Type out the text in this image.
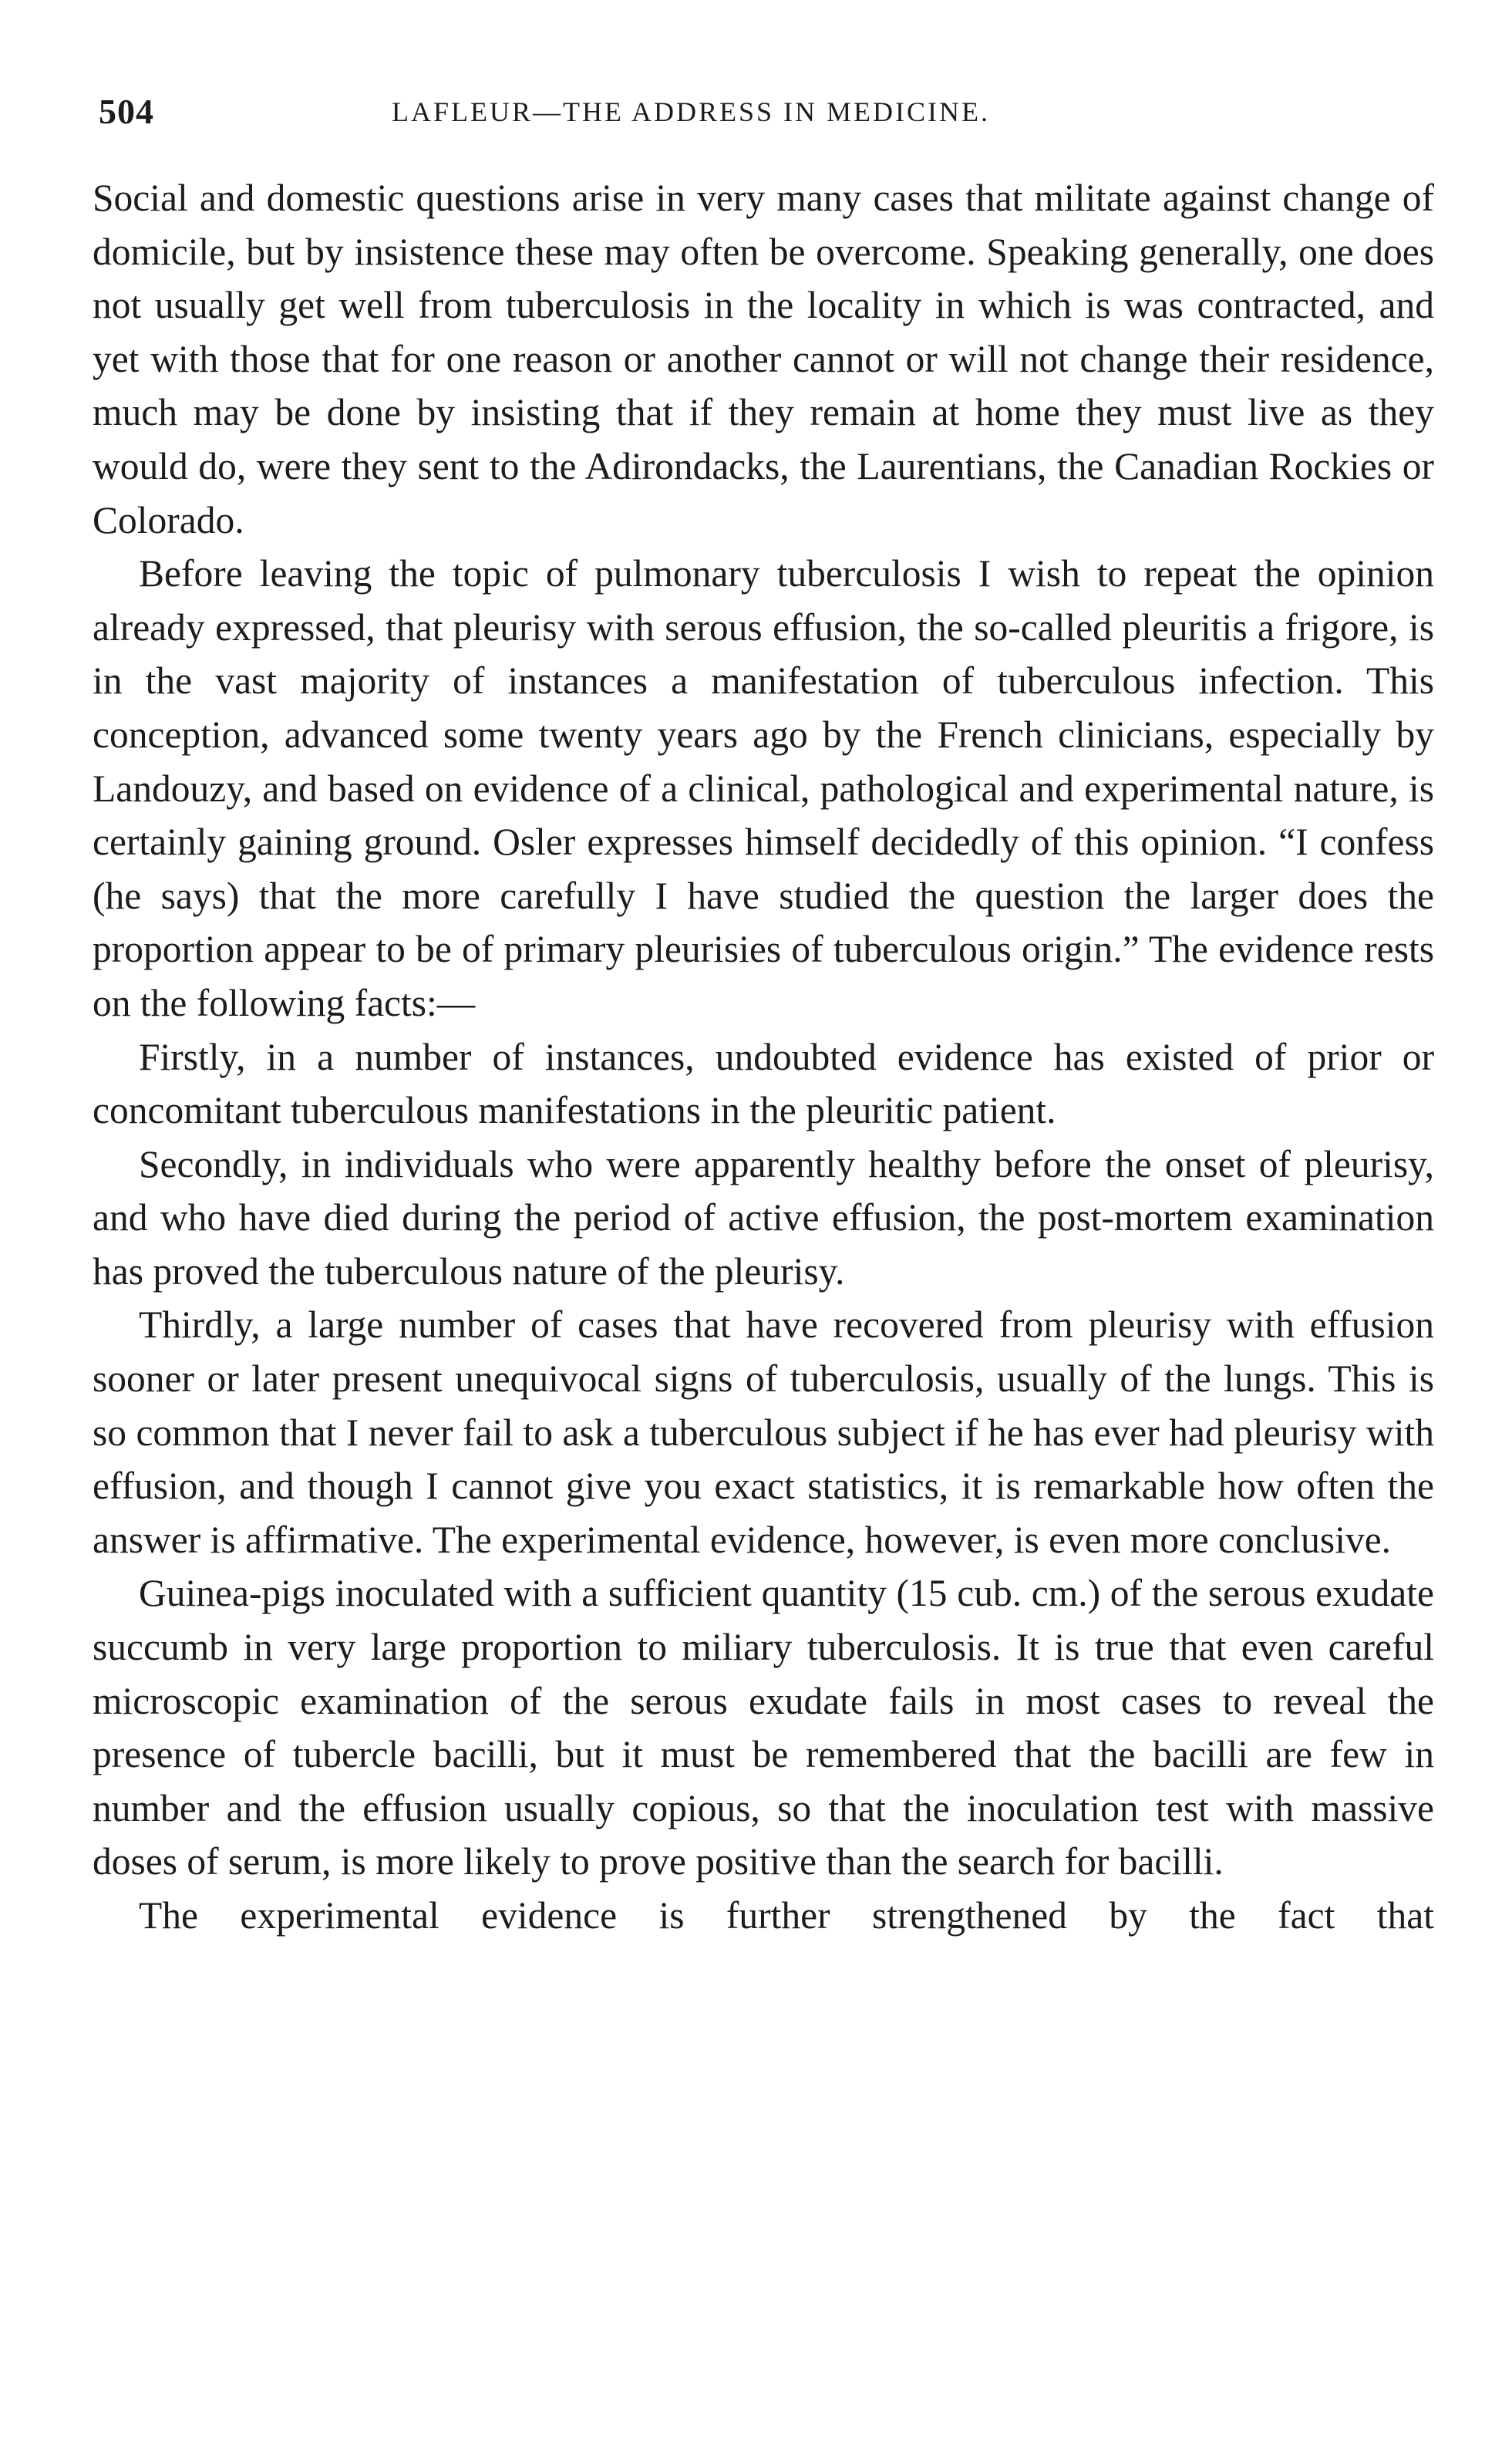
504	LAFLEUR—THE ADDRESS IN MEDICINE.

Social and domestic questions arise in very many cases that militate against change of domicile, but by insistence these may often be overcome. Speaking generally, one does not usually get well from tuberculosis in the locality in which is was contracted, and yet with those that for one reason or another cannot or will not change their residence, much may be done by insisting that if they remain at home they must live as they would do, were they sent to the Adirondacks, the Laurentians, the Canadian Rockies or Colorado.

Before leaving the topic of pulmonary tuberculosis I wish to repeat the opinion already expressed, that pleurisy with serous effusion, the so-called pleuritis a frigore, is in the vast majority of instances a manifestation of tuberculous infection. This conception, advanced some twenty years ago by the French clinicians, especially by Landouzy, and based on evidence of a clinical, pathological and experimental nature, is certainly gaining ground. Osler expresses himself decidedly of this opinion. “I confess (he says) that the more carefully I have studied the question the larger does the proportion appear to be of primary pleurisies of tuberculous origin.” The evidence rests on the following facts:—

Firstly, in a number of instances, undoubted evidence has existed of prior or concomitant tuberculous manifestations in the pleuritic patient.

Secondly, in individuals who were apparently healthy before the onset of pleurisy, and who have died during the period of active effusion, the post-mortem examination has proved the tuberculous nature of the pleurisy.

Thirdly, a large number of cases that have recovered from pleurisy with effusion sooner or later present unequivocal signs of tuberculosis, usually of the lungs. This is so common that I never fail to ask a tuberculous subject if he has ever had pleurisy with effusion, and though I cannot give you exact statistics, it is remarkable how often the answer is affirmative. The experimental evidence, however, is even more conclusive.

Guinea-pigs inoculated with a sufficient quantity (15 cub. cm.) of the serous exudate succumb in very large proportion to miliary tuberculosis. It is true that even careful microscopic examination of the serous exudate fails in most cases to reveal the presence of tubercle bacilli, but it must be remembered that the bacilli are few in number and the effusion usually copious, so that the inoculation test with massive doses of serum, is more likely to prove positive than the search for bacilli.

The experimental evidence is further strengthened by the fact that
